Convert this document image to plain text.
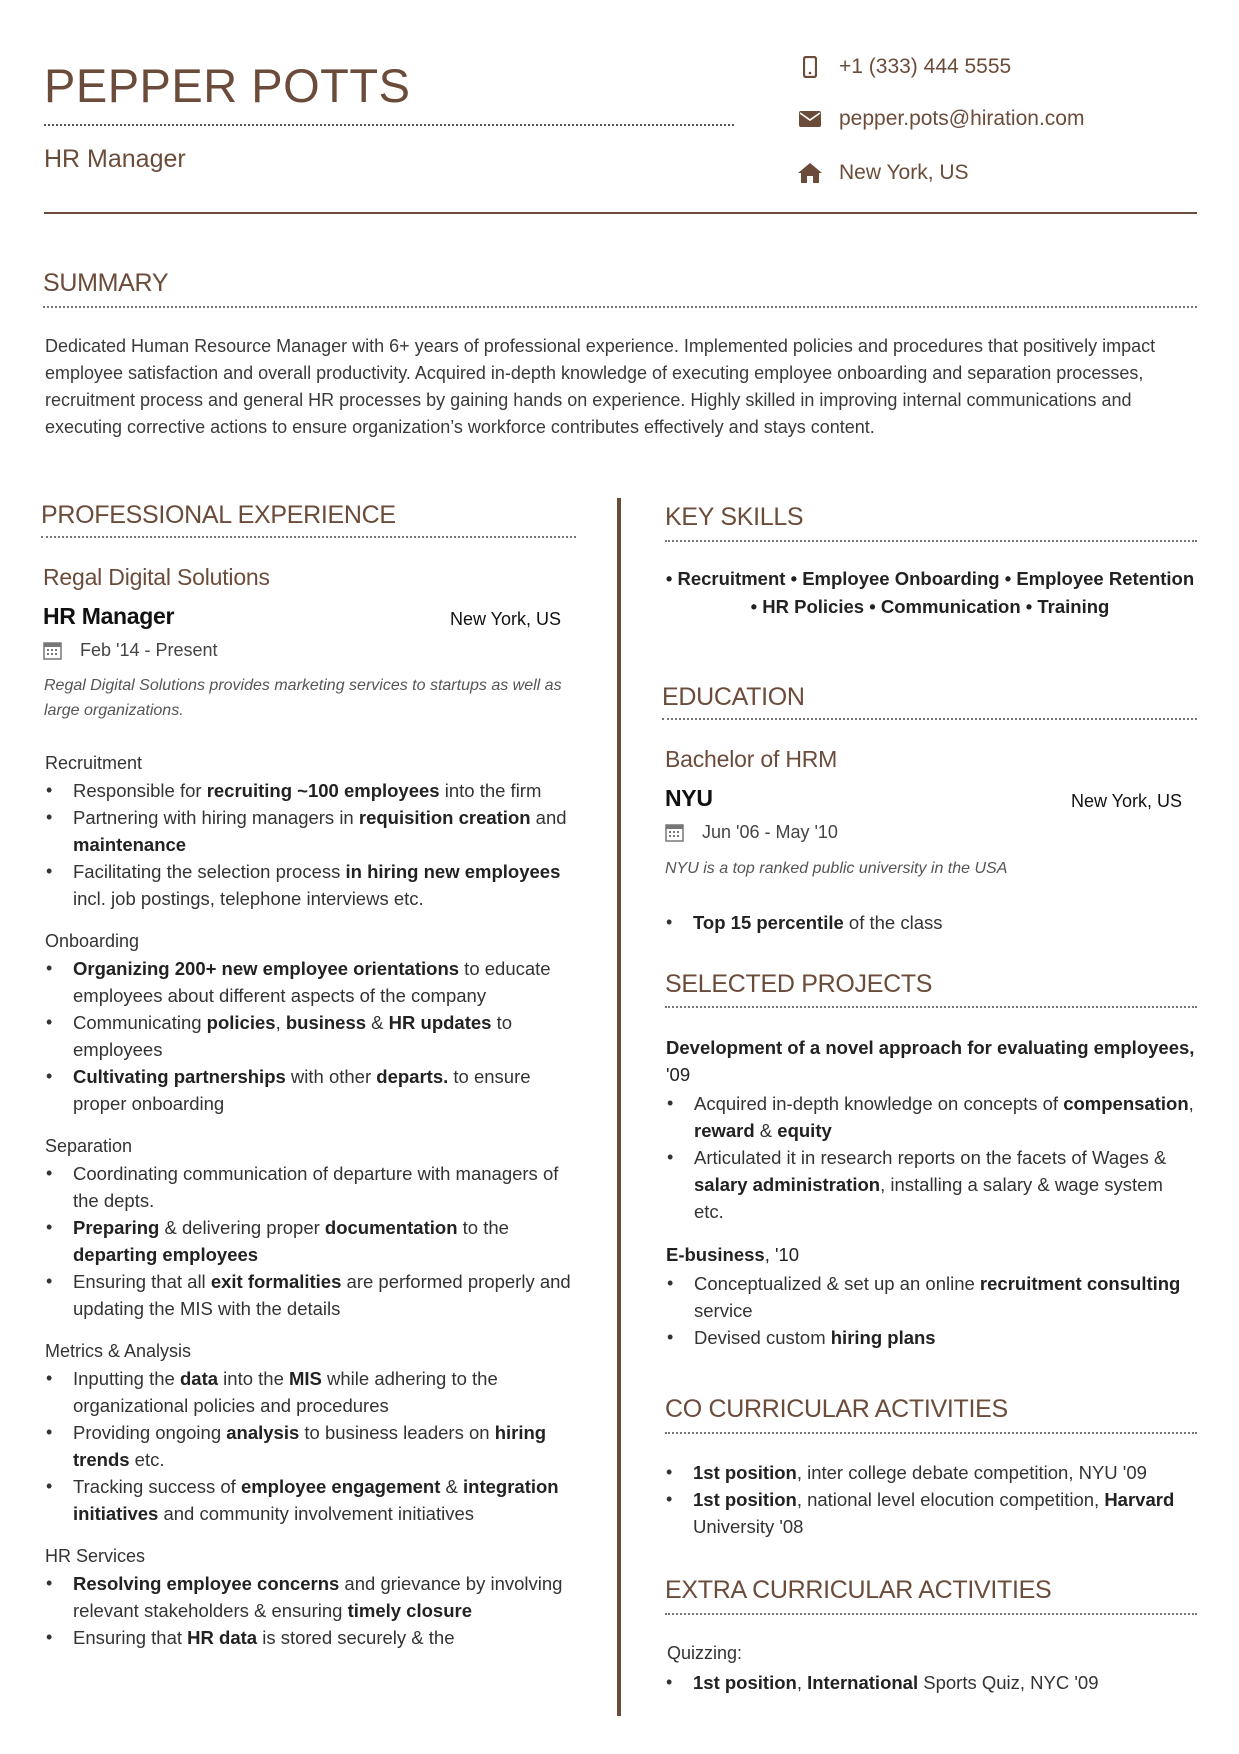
PEPPER POTTS
HR Manager
+1 (333) 444 5555
pepper.pots@hiration.com
New York, US
SUMMARY
Dedicated Human Resource Manager with 6+ years of professional experience. Implemented policies and procedures that positively impact employee satisfaction and overall productivity. Acquired in-depth knowledge of executing employee onboarding and separation processes, recruitment process and general HR processes by gaining hands on experience. Highly skilled in improving internal communications and executing corrective actions to ensure organization’s workforce contributes effectively and stays content.
PROFESSIONAL EXPERIENCE
Regal Digital Solutions
HR Manager	New York, US
Feb '14 - Present
Regal Digital Solutions provides marketing services to startups as well as large organizations.
Recruitment
• Responsible for recruiting ~100 employees into the firm
• Partnering with hiring managers in requisition creation and maintenance
• Facilitating the selection process in hiring new employees incl. job postings, telephone interviews etc.
Onboarding
• Organizing 200+ new employee orientations to educate employees about different aspects of the company
• Communicating policies, business & HR updates to employees
• Cultivating partnerships with other departs. to ensure proper onboarding
Separation
• Coordinating communication of departure with managers of the depts.
• Preparing & delivering proper documentation to the departing employees
• Ensuring that all exit formalities are performed properly and updating the MIS with the details
Metrics & Analysis
• Inputting the data into the MIS while adhering to the organizational policies and procedures
• Providing ongoing analysis to business leaders on hiring trends etc.
• Tracking success of employee engagement & integration initiatives and community involvement initiatives
HR Services
• Resolving employee concerns and grievance by involving relevant stakeholders & ensuring timely closure
• Ensuring that HR data is stored securely & the
KEY SKILLS
• Recruitment • Employee Onboarding • Employee Retention • HR Policies • Communication • Training
EDUCATION
Bachelor of HRM
NYU	New York, US
Jun '06 - May '10
NYU is a top ranked public university in the USA
• Top 15 percentile of the class
SELECTED PROJECTS
Development of a novel approach for evaluating employees, '09
• Acquired in-depth knowledge on concepts of compensation, reward & equity
• Articulated it in research reports on the facets of Wages & salary administration, installing a salary & wage system etc.
E-business, '10
• Conceptualized & set up an online recruitment consulting service
• Devised custom hiring plans
CO CURRICULAR ACTIVITIES
• 1st position, inter college debate competition, NYU '09
• 1st position, national level elocution competition, Harvard University '08
EXTRA CURRICULAR ACTIVITIES
Quizzing:
• 1st position, International Sports Quiz, NYC '09
